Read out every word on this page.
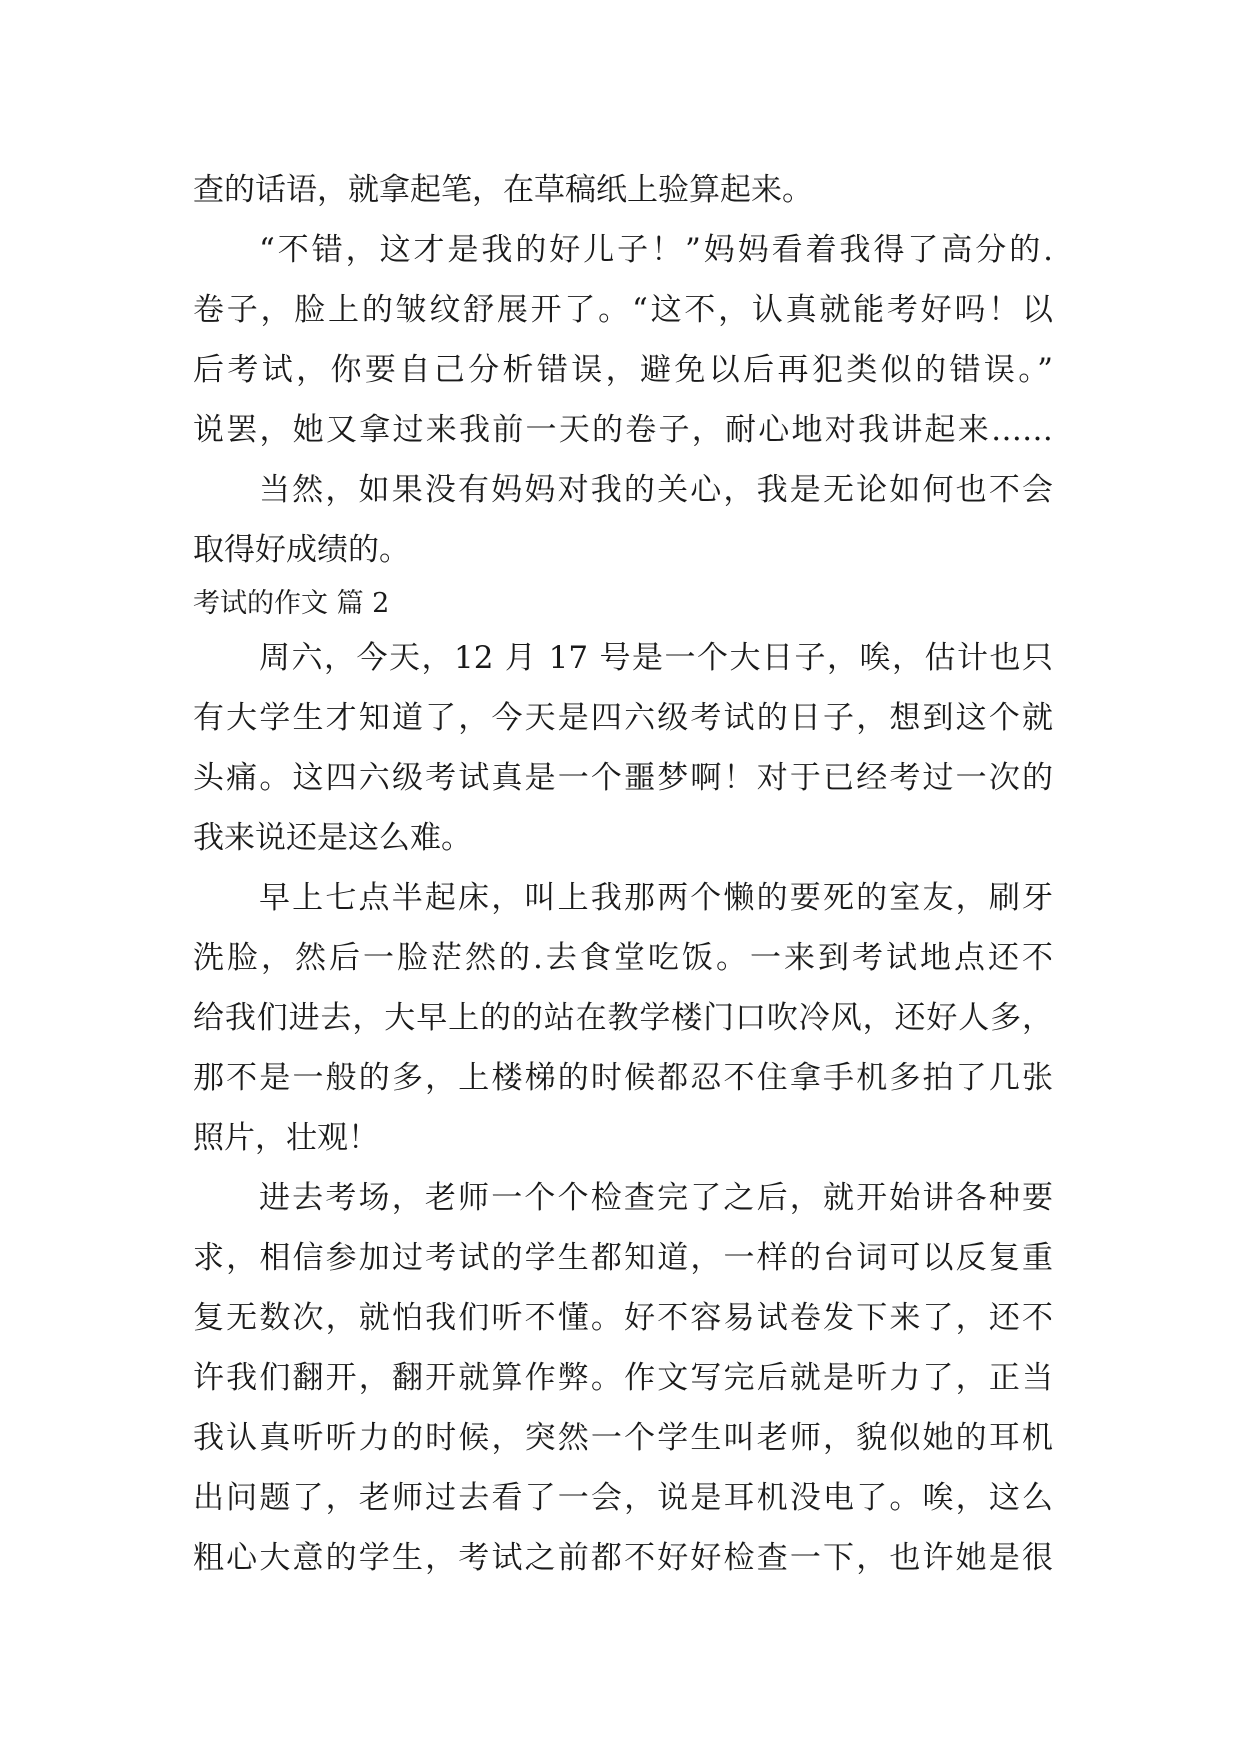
查的话语，就拿起笔，在草稿纸上验算起来。
“不错，这才是我的好儿子！”妈妈看着我得了高分的.
卷子，脸上的皱纹舒展开了。“这不，认真就能考好吗！以
后考试，你要自己分析错误，避免以后再犯类似的错误。”
说罢，她又拿过来我前一天的卷子，耐心地对我讲起来……
当然，如果没有妈妈对我的关心，我是无论如何也不会
取得好成绩的。
考试的作文 篇 2
周六，今天，12 月 17 号是一个大日子，唉，估计也只
有大学生才知道了，今天是四六级考试的日子，想到这个就
头痛。这四六级考试真是一个噩梦啊！对于已经考过一次的
我来说还是这么难。
早上七点半起床，叫上我那两个懒的要死的室友，刷牙
洗脸，然后一脸茫然的.去食堂吃饭。一来到考试地点还不
给我们进去，大早上的的站在教学楼门口吹冷风，还好人多，
那不是一般的多，上楼梯的时候都忍不住拿手机多拍了几张
照片，壮观！
进去考场，老师一个个检查完了之后，就开始讲各种要
求，相信参加过考试的学生都知道，一样的台词可以反复重
复无数次，就怕我们听不懂。好不容易试卷发下来了，还不
许我们翻开，翻开就算作弊。作文写完后就是听力了，正当
我认真听听力的时候，突然一个学生叫老师，貌似她的耳机
出问题了，老师过去看了一会，说是耳机没电了。唉，这么
粗心大意的学生，考试之前都不好好检查一下，也许她是很
